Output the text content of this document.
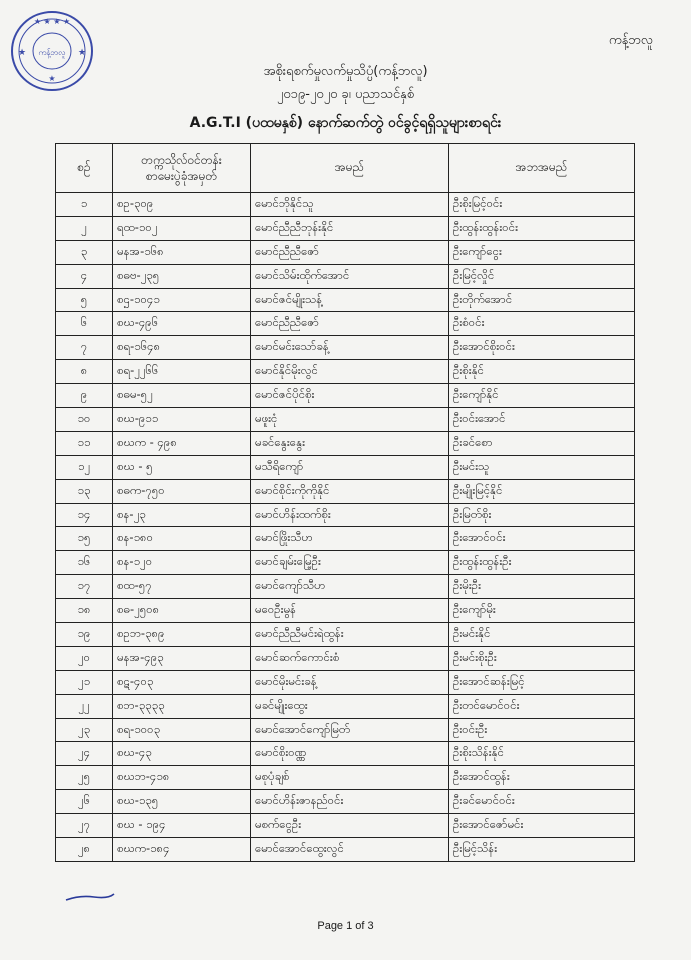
★ ★ ★ ★
★	★
★
ကန့်ဘလူ
ကန့်ဘလူ
အစိုးရစက်မှုလက်မှုသိပ္ပံ(ကန့်ဘလူ)
၂၀၁၉-၂၀၂၀ ခု၊ ပညာသင်နှစ်
A.G.T.I (ပထမနှစ်) နောက်ဆက်တွဲ ဝင်ခွင့်ရရှိသူများစာရင်း
စဉ်	တက္ကသိုလ်ဝင်တန်း
စာမေးပွဲခုံအမှတ်	အမည်	အဘအမည်
၁	စဥ-၃၀၉	မောင်ဘိုနိုင်သူ	ဦးစိုးမြင့်ဝင်း
၂	ရထ-၁၀၂	မောင်ညီညီဘုန်းနိုင်	ဦးထွန်းထွန်းဝင်း
၃	မနအ-၁၆၈	မောင်ညီညီဇော်	ဦးကျော်ငွေး
၄	စဓဗ-၂၃၅	မောင်သိမ်းထိုက်အောင်	ဦးမြင့်လှိုင်
၅	စဌ-၁၀၄၁	မောင်ဇင်မျိုးသန့်	ဦးတိုက်အောင်
၆	စဃ-၄၉၆	မောင်ညီညီဇော်	ဦးစံဝင်း
၇	စရ-၁၆၄၈	မောင်မင်းသော်ခန့်	ဦးအောင်စိုးဝင်း
၈	စရ-၂၂၆၆	မောင်နိုင်မိုးလွင်	ဦးစိုးနိုင်
၉	စဓမ-၅၂	မောင်ဇင်ပိုင်စိုး	ဦးကျော်နိုင်
၁၀	စဃ-၉၁၁	မဖူးငုံ	ဦးဝင်းအောင်
၁၁	စဃက - ၄၉၈	မခင်နွေးနွေး	ဦးခင်စော
၁၂	စဃ - ၅	မသီရိကျော်	ဦးမင်းသူ
၁၃	စဓက-၇၅၀	မောင်စိုင်းကိုကိုနိုင်	ဦးမျိုးမြင့်နိုင်
၁၄	စန-၂၃	မောင်ဟိန်းထက်စိုး	ဦးမြတ်စိုး
၁၅	စန-၁၈၀	မောင်ဖြိုးသီဟ	ဦးအောင်ဝင်း
၁၆	စန-၁၂၀	မောင်ချမ်းမြေ့ဦး	ဦးထွန်းထွန်းဦး
၁၇	စထ-၅၇	မောင်ကျော်သီဟ	ဦးမိုးဦး
၁၈	စဓ-၂၅၀၈	မဝေဦးမွန်	ဦးကျော်မိုး
၁၉	စဥဘ-၃၈၉	မောင်ညီညီမင်းရဲထွန်း	ဦးမင်းနိုင်
၂၀	မနအ-၄၉၃	မောင်ဆက်ကောင်းစံ	ဦးမင်းစိုးဦး
၂၁	စဋ-၄၀၃	မောင်မိုးမင်းခန့်	ဦးအောင်ဆန်းမြင့်
၂၂	စဘ-၃၃၃၃	မခင်မျိုးထွေး	ဦးတင်မောင်ဝင်း
၂၃	စရ-၁၀၀၃	မောင်အောင်ကျော်မြတ်	ဦးဝင်းဦး
၂၄	စဃ-၄၃	မောင်စိုးဝဏ္ဏ	ဦးစိုးသိန်းနိုင်
၂၅	စဃဘ-၄၁၈	မစုပုံချစ်	ဦးအောင်ထွန်း
၂၆	စဃ-၁၃၅	မောင်ဟိန်းဇာနည်ဝင်း	ဦးခင်မောင်ဝင်း
၂၇	စဃ - ၁၉၄	မစက်ငွေဦး	ဦးအောင်ဇော်မင်း
၂၈	စဃက-၁၈၄	မောင်အောင်ထွေးလွင်	ဦးမြင့်သိန်း
Page 1 of 3
